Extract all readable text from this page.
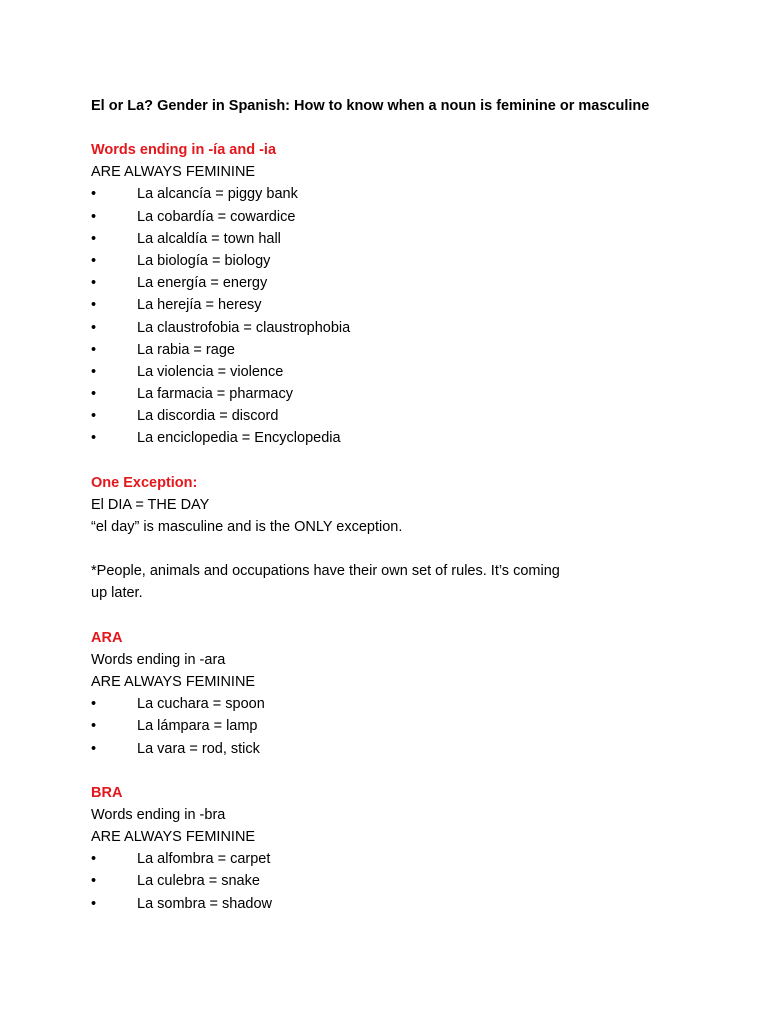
El or La? Gender in Spanish: How to know when a noun is feminine or masculine
Words ending in -ía and -ia
ARE ALWAYS FEMININE
•	La alcancía = piggy bank
•	La cobardía = cowardice
•	La alcaldía = town hall
•	La biología = biology
•	La energía = energy
•	La herejía = heresy
•	La claustrofobia = claustrophobia
•	La rabia = rage
•	La violencia = violence
•	La farmacia = pharmacy
•	La discordia = discord
•	La enciclopedia = Encyclopedia
One Exception:
El DIA = THE DAY
“el day” is masculine and is the ONLY exception.
*People, animals and occupations have their own set of rules. It’s coming up later.
ARA
Words ending in -ara
ARE ALWAYS FEMININE
•	La cuchara = spoon
•	La lámpara = lamp
•	La vara = rod, stick
BRA
Words ending in -bra
ARE ALWAYS FEMININE
•	La alfombra = carpet
•	La culebra = snake
•	La sombra = shadow
